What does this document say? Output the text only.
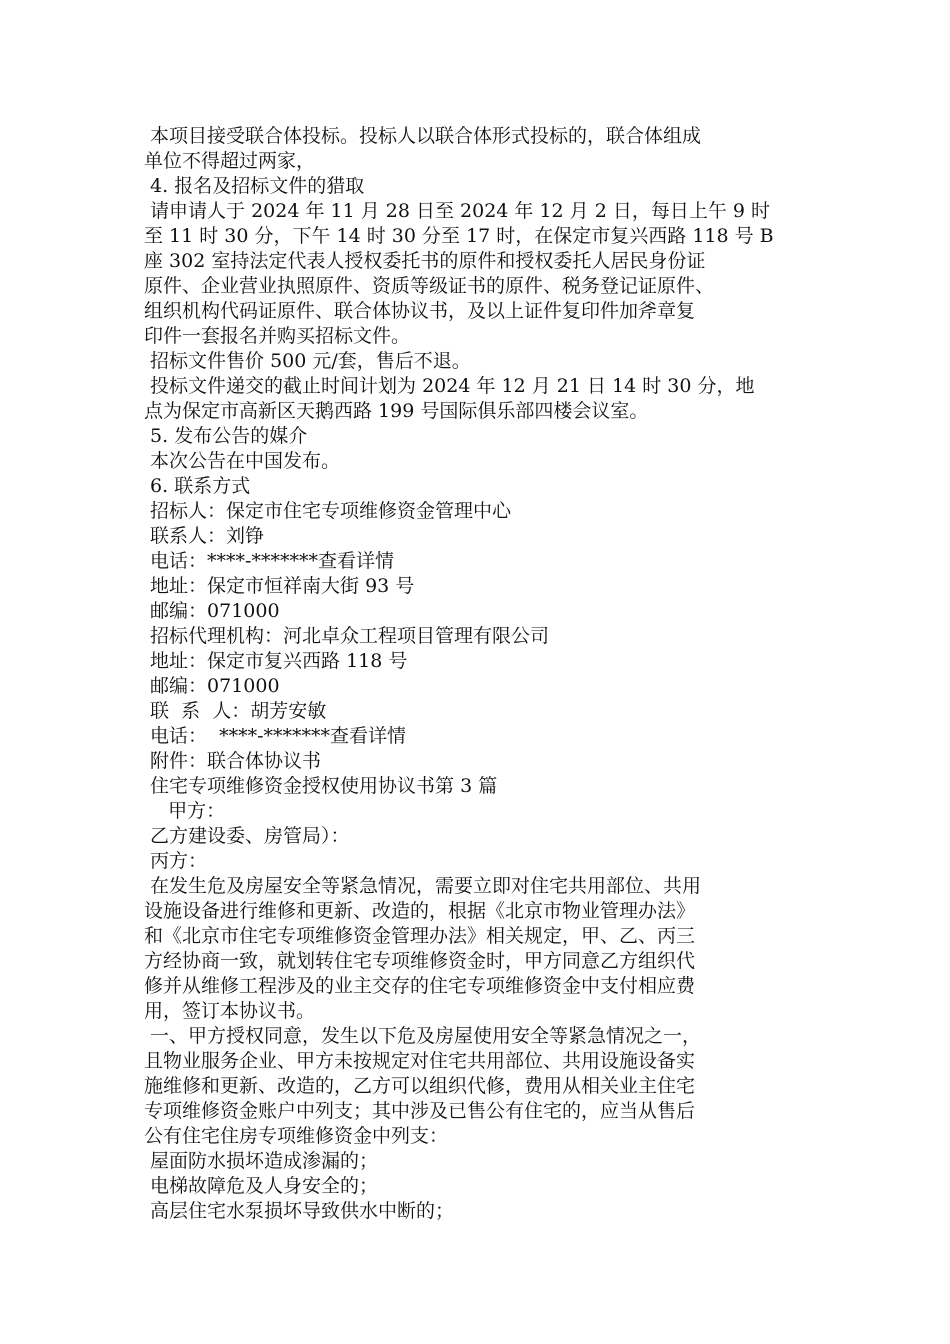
本项目接受联合体投标。投标人以联合体形式投标的，联合体组成

单位不得超过两家，

4. 报名及招标文件的猎取

请申请人于 2024 年 11 月 28 日至 2024 年 12 月 2 日，每日上午 9 时

至 11 时 30 分，下午 14 时 30 分至 17 时，在保定市复兴西路 118 号 B

座 302 室持法定代表人授权委托书的原件和授权委托人居民身份证

原件、企业营业执照原件、资质等级证书的原件、税务登记证原件、

组织机构代码证原件、联合体协议书，及以上证件复印件加斧章复

印件一套报名并购买招标文件。

招标文件售价 500 元/套，售后不退。

投标文件递交的截止时间计划为 2024 年 12 月 21 日 14 时 30 分，地

点为保定市高新区天鹅西路 199 号国际俱乐部四楼会议室。

5. 发布公告的媒介

本次公告在中国发布。

6. 联系方式

招标人：保定市住宅专项维修资金管理中心

联系人：刘铮

电话：****-*******查看详情

地址：保定市恒祥南大街 93 号

邮编：071000

招标代理机构：河北卓众工程项目管理有限公司

地址：保定市复兴西路 118 号

邮编：071000

联  系  人：胡芳安敏

电话：  ****-*******查看详情

附件：联合体协议书

住宅专项维修资金授权使用协议书第 3 篇

甲方：

乙方建设委、房管局）：

丙方：

在发生危及房屋安全等紧急情况，需要立即对住宅共用部位、共用

设施设备进行维修和更新、改造的，根据《北京市物业管理办法》

和《北京市住宅专项维修资金管理办法》相关规定，甲、乙、丙三

方经协商一致，就划转住宅专项维修资金时，甲方同意乙方组织代

修并从维修工程涉及的业主交存的住宅专项维修资金中支付相应费

用，签订本协议书。

一、甲方授权同意，发生以下危及房屋使用安全等紧急情况之一，

且物业服务企业、甲方未按规定对住宅共用部位、共用设施设备实

施维修和更新、改造的，乙方可以组织代修，费用从相关业主住宅

专项维修资金账户中列支；其中涉及已售公有住宅的，应当从售后

公有住宅住房专项维修资金中列支：

屋面防水损坏造成渗漏的；

电梯故障危及人身安全的；

高层住宅水泵损坏导致供水中断的；
